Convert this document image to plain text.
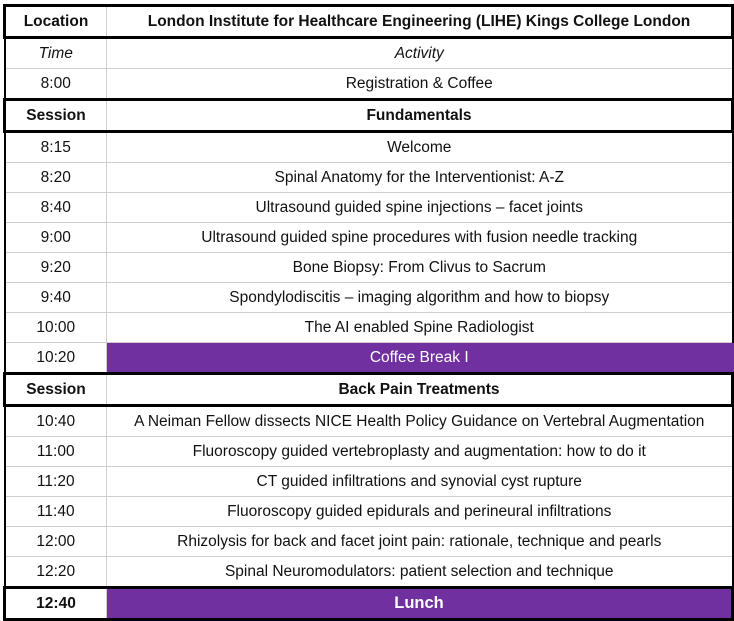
Location	London Institute for Healthcare Engineering (LIHE) Kings College London
Time	Activity
8:00	Registration & Coffee
Session	Fundamentals
8:15	Welcome
8:20	Spinal Anatomy for the Interventionist: A-Z
8:40	Ultrasound guided spine injections – facet joints
9:00	Ultrasound guided spine procedures with fusion needle tracking
9:20	Bone Biopsy: From Clivus to Sacrum
9:40	Spondylodiscitis – imaging algorithm and how to biopsy
10:00	The AI enabled Spine Radiologist
10:20	Coffee Break I
Session	Back Pain Treatments
10:40	A Neiman Fellow dissects NICE Health Policy Guidance on Vertebral Augmentation
11:00	Fluoroscopy guided vertebroplasty and augmentation: how to do it
11:20	CT guided infiltrations and synovial cyst rupture
11:40	Fluoroscopy guided epidurals and perineural infiltrations
12:00	Rhizolysis for back and facet joint pain: rationale, technique and pearls
12:20	Spinal Neuromodulators: patient selection and technique
12:40	Lunch
